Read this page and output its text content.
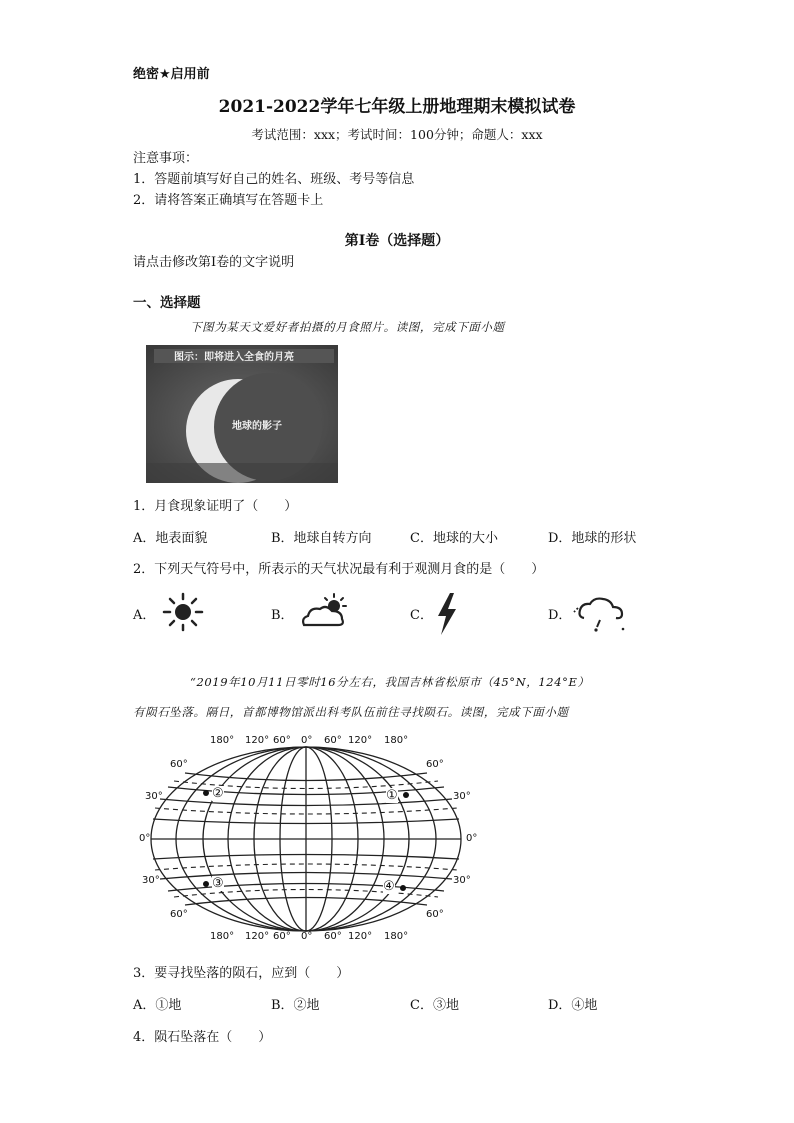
绝密★启用前
2021-2022学年七年级上册地理期末模拟试卷
考试范围：xxx；考试时间：100分钟；命题人：xxx
注意事项：
1．答题前填写好自己的姓名、班级、考号等信息
2．请将答案正确填写在答题卡上
第I卷（选择题）
请点击修改第I卷的文字说明
一、选择题
下图为某天文爱好者拍摄的月食照片。读图，完成下面小题
图示：即将进入全食的月亮
地球的影子
1．月食现象证明了（　　）
A．地表面貌	B．地球自转方向	C．地球的大小	D．地球的形状
2．下列天气符号中，所表示的天气状况最有利于观测月食的是（　　）
A．	B．	C．	D．
“2019年10月11日零时16分左右，我国吉林省松原市（45°N，124°E）
有陨石坠落。隔日，首都博物馆派出科考队伍前往寻找陨石。读图，完成下面小题
180° 120° 60° 0° 60° 120° 180°
180° 120° 60° 0° 60° 120° 180°
60°
30°
0°
30°
60°
60°
30°
0°
30°
60°
②	①
③	④
3．要寻找坠落的陨石，应到（　　）
A．①地	B．②地	C．③地	D．④地
4．陨石坠落在（　　）
